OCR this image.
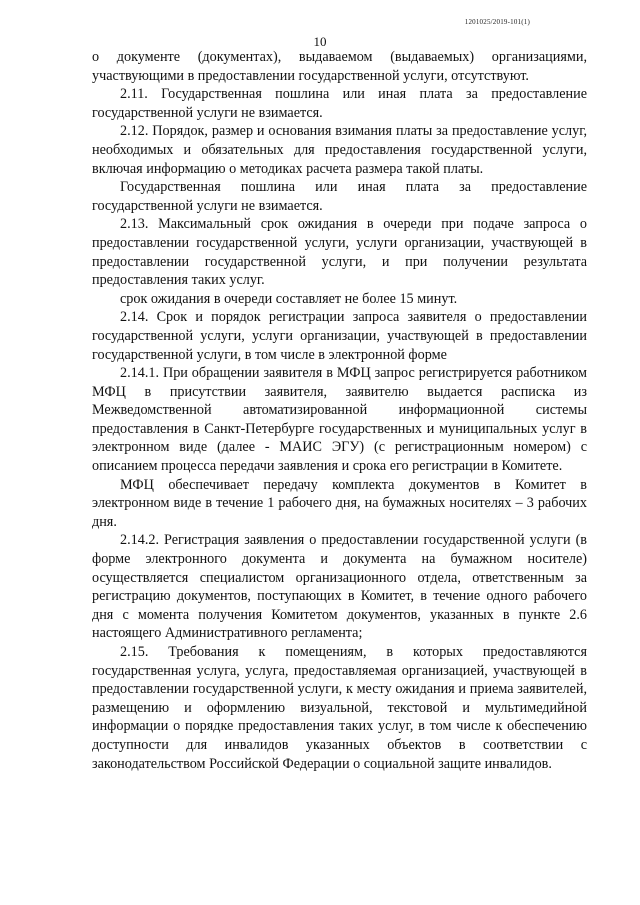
1201025/2019-101(1)
10

о документе (документах), выдаваемом (выдаваемых) организациями, участвующими в предоставлении государственной услуги, отсутствуют.

2.11. Государственная пошлина или иная плата за предоставление государственной услуги не взимается.

2.12. Порядок, размер и основания взимания платы за предоставление услуг, необходимых и обязательных для предоставления государственной услуги, включая информацию о методиках расчета размера такой платы.

Государственная пошлина или иная плата за предоставление государственной услуги не взимается.

2.13. Максимальный срок ожидания в очереди при подаче запроса о предоставлении государственной услуги, услуги организации, участвующей в предоставлении государственной услуги, и при получении результата предоставления таких услуг.

срок ожидания в очереди составляет не более 15 минут.

2.14. Срок и порядок регистрации запроса заявителя о предоставлении государственной услуги, услуги организации, участвующей в предоставлении государственной услуги, в том числе в электронной форме

2.14.1. При обращении заявителя в МФЦ запрос регистрируется работником МФЦ в присутствии заявителя, заявителю выдается расписка из Межведомственной автоматизированной информационной системы предоставления в Санкт-Петербурге государственных и муниципальных услуг в электронном виде (далее - МАИС ЭГУ) (с регистрационным номером) с описанием процесса передачи заявления и срока его регистрации в Комитете.

МФЦ обеспечивает передачу комплекта документов в Комитет в электронном виде в течение 1 рабочего дня, на бумажных носителях – 3 рабочих дня.

2.14.2. Регистрация заявления о предоставлении государственной услуги (в форме электронного документа и документа на бумажном носителе) осуществляется специалистом организационного отдела, ответственным за регистрацию документов, поступающих в Комитет, в течение одного рабочего дня с момента получения Комитетом документов, указанных в пункте 2.6 настоящего Административного регламента;

2.15. Требования к помещениям, в которых предоставляются государственная услуга, услуга, предоставляемая организацией, участвующей в предоставлении государственной услуги, к месту ожидания и приема заявителей, размещению и оформлению визуальной, текстовой и мультимедийной информации о порядке предоставления таких услуг, в том числе к обеспечению доступности для инвалидов указанных объектов в соответствии с законодательством Российской Федерации о социальной защите инвалидов.
